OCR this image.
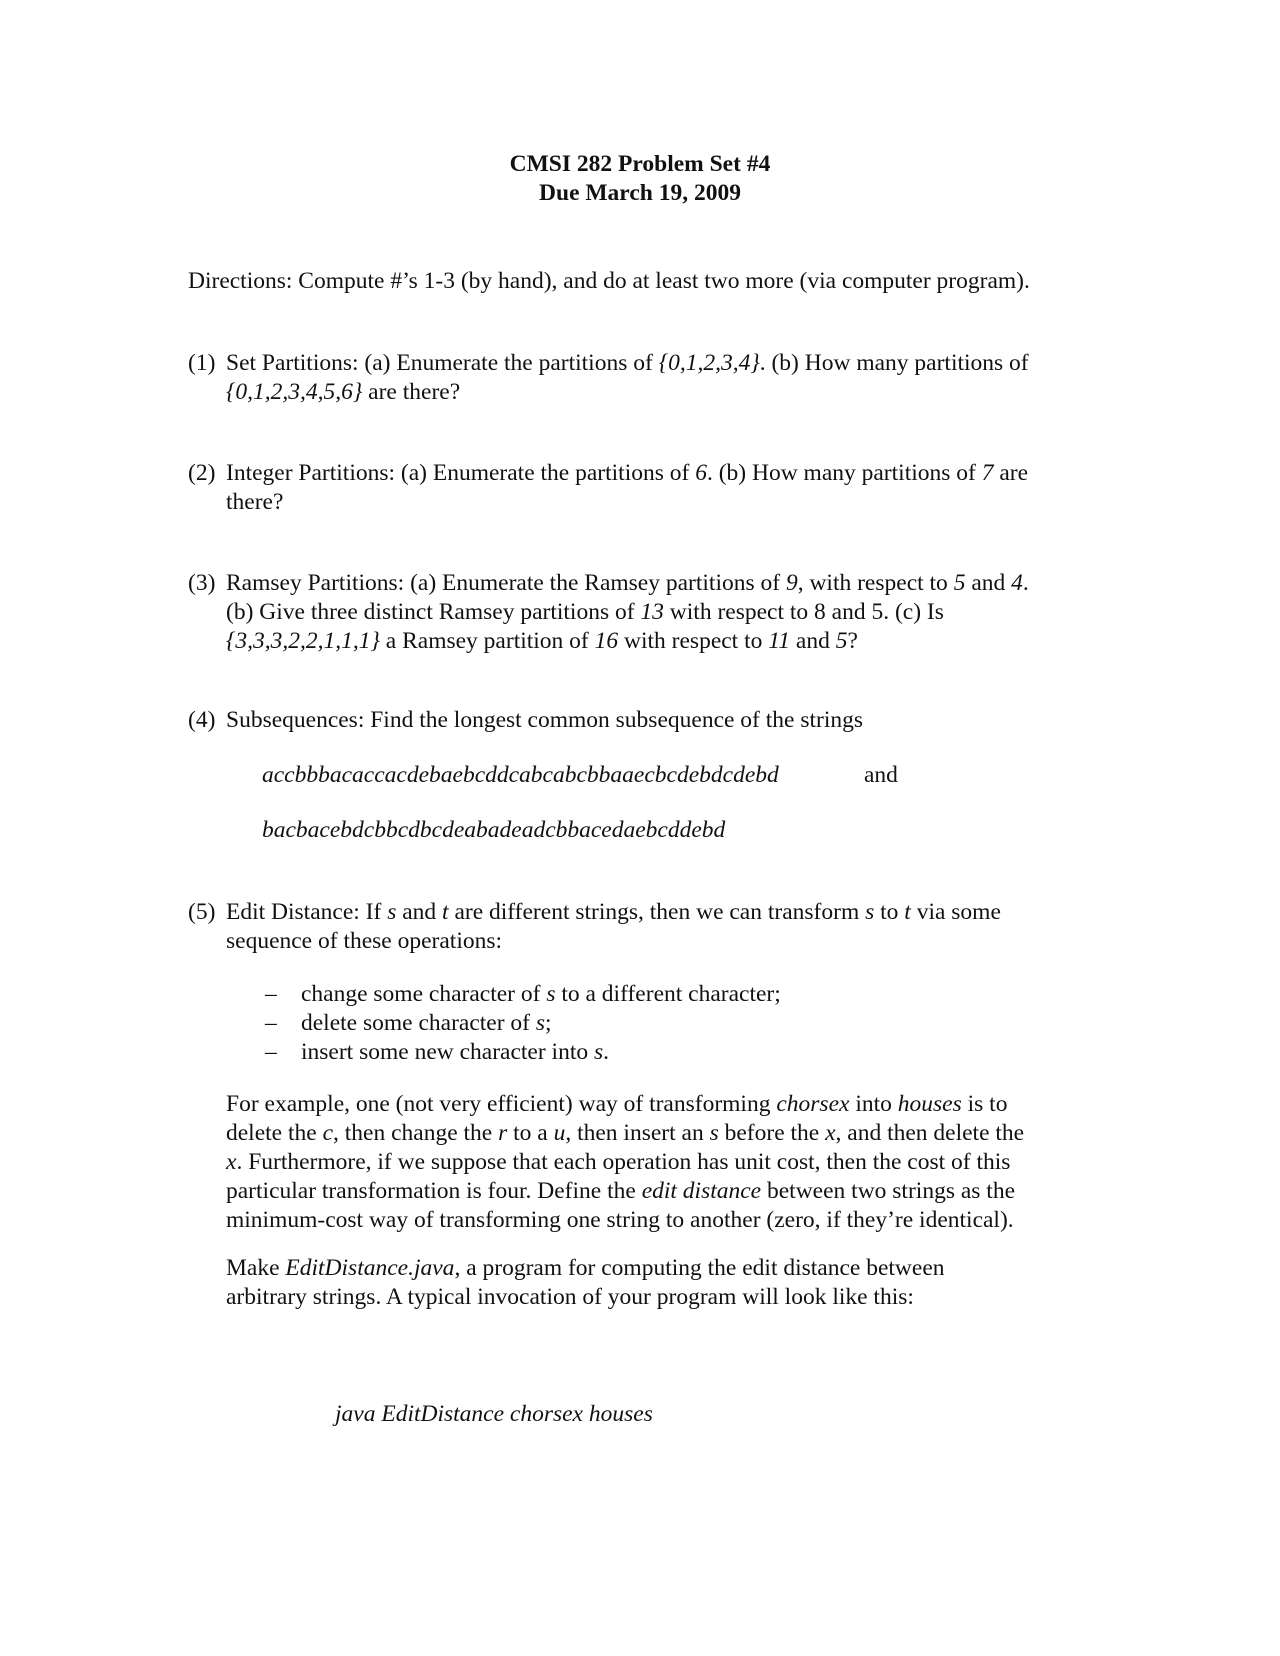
CMSI 282 Problem Set #4
Due March 19, 2009
Directions: Compute #’s 1-3 (by hand), and do at least two more (via computer program).
(1) Set Partitions: (a) Enumerate the partitions of {0,1,2,3,4}. (b) How many partitions of
{0,1,2,3,4,5,6} are there?
(2) Integer Partitions: (a) Enumerate the partitions of 6. (b) How many partitions of 7 are
there?
(3) Ramsey Partitions: (a) Enumerate the Ramsey partitions of 9, with respect to 5 and 4.
(b) Give three distinct Ramsey partitions of 13 with respect to 8 and 5. (c) Is
{3,3,3,2,2,1,1,1} a Ramsey partition of 16 with respect to 11 and 5?
(4) Subsequences: Find the longest common subsequence of the strings
accbbbacaccacdebaebcddcabcabcbbaaecbcdebdcdebd	and
bacbacebdcbbcdbcdeabadeadcbbacedaebcddebd
(5) Edit Distance: If s and t are different strings, then we can transform s to t via some
sequence of these operations:
– change some character of s to a different character;
– delete some character of s;
– insert some new character into s.
For example, one (not very efficient) way of transforming chorsex into houses is to
delete the c, then change the r to a u, then insert an s before the x, and then delete the
x. Furthermore, if we suppose that each operation has unit cost, then the cost of this
particular transformation is four. Define the edit distance between two strings as the
minimum-cost way of transforming one string to another (zero, if they’re identical).
Make EditDistance.java, a program for computing the edit distance between
arbitrary strings. A typical invocation of your program will look like this:
java EditDistance chorsex houses
